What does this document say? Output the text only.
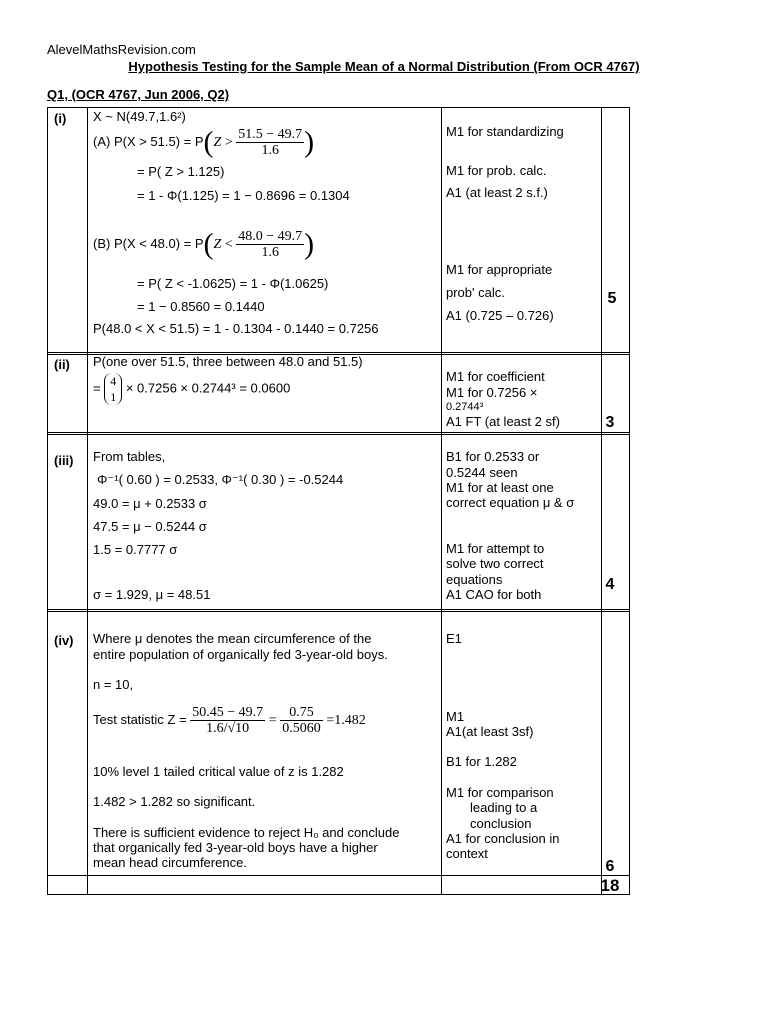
AlevelMathsRevision.com
Hypothesis Testing for the Sample Mean of a Normal Distribution (From OCR 4767)
Q1, (OCR 4767, Jun 2006, Q2)
(i) X ~ N(49.7,1.6²)
(A) $P(X > 51.5) = P(Z > \frac{51.5 - 49.7}{1.6}$ )
= P( Z > 1.125)
= 1 - Φ(1.125) = 1 − 0.8696 = 0.1304
(B) $P(X < 48.0) = P(Z < \frac{48.0 - 49.7}{1.6}$ )
= P( Z < -1.0625) = 1 - Φ(1.0625)
= 1 − 0.8560 = 0.1440
P(48.0 < X < 51.5) = 1 - 0.1304 - 0.1440 = 0.7256
M1 for standardizing
M1 for prob. calc.
A1 (at least 2 s.f.)
M1 for appropriate
prob' calc.
A1 (0.725 – 0.726)
5
(ii) P(one over 51.5, three between 48.0 and 51.5)
= 4
1 × 0.7256 × 0.2744³ = 0.0600
M1 for coefficient
M1 for 0.7256 ×
0.2744³
A1 FT (at least 2 sf)	3
(iii) From tables,
Φ⁻¹( 0.60 ) = 0.2533, Φ⁻¹( 0.30 ) = -0.5244
49.0 = μ + 0.2533 σ
47.5 = μ − 0.5244 σ
1.5 = 0.7777 σ
σ = 1.929, μ = 48.51
B1 for 0.2533 or
0.5244 seen
M1 for at least one
correct equation μ & σ
M1 for attempt to
solve two correct
equations
A1 CAO for both
4
(iv) Where μ denotes the mean circumference of the
entire population of organically fed 3-year-old boys.
n = 10,
Test statistic $Z = \frac{50.45 - 49.7}{1.6/√10} = \frac{0.75}{0.5060} =1.482$
10% level 1 tailed critical value of z is 1.282
1.482 > 1.282 so significant.
There is sufficient evidence to reject H₀ and conclude
that organically fed 3-year-old boys have a higher
mean head circumference.
E1
M1
A1(at least 3sf)
B1 for 1.282
M1 for comparison
leading to a
conclusion
A1 for conclusion in
context
6
18
